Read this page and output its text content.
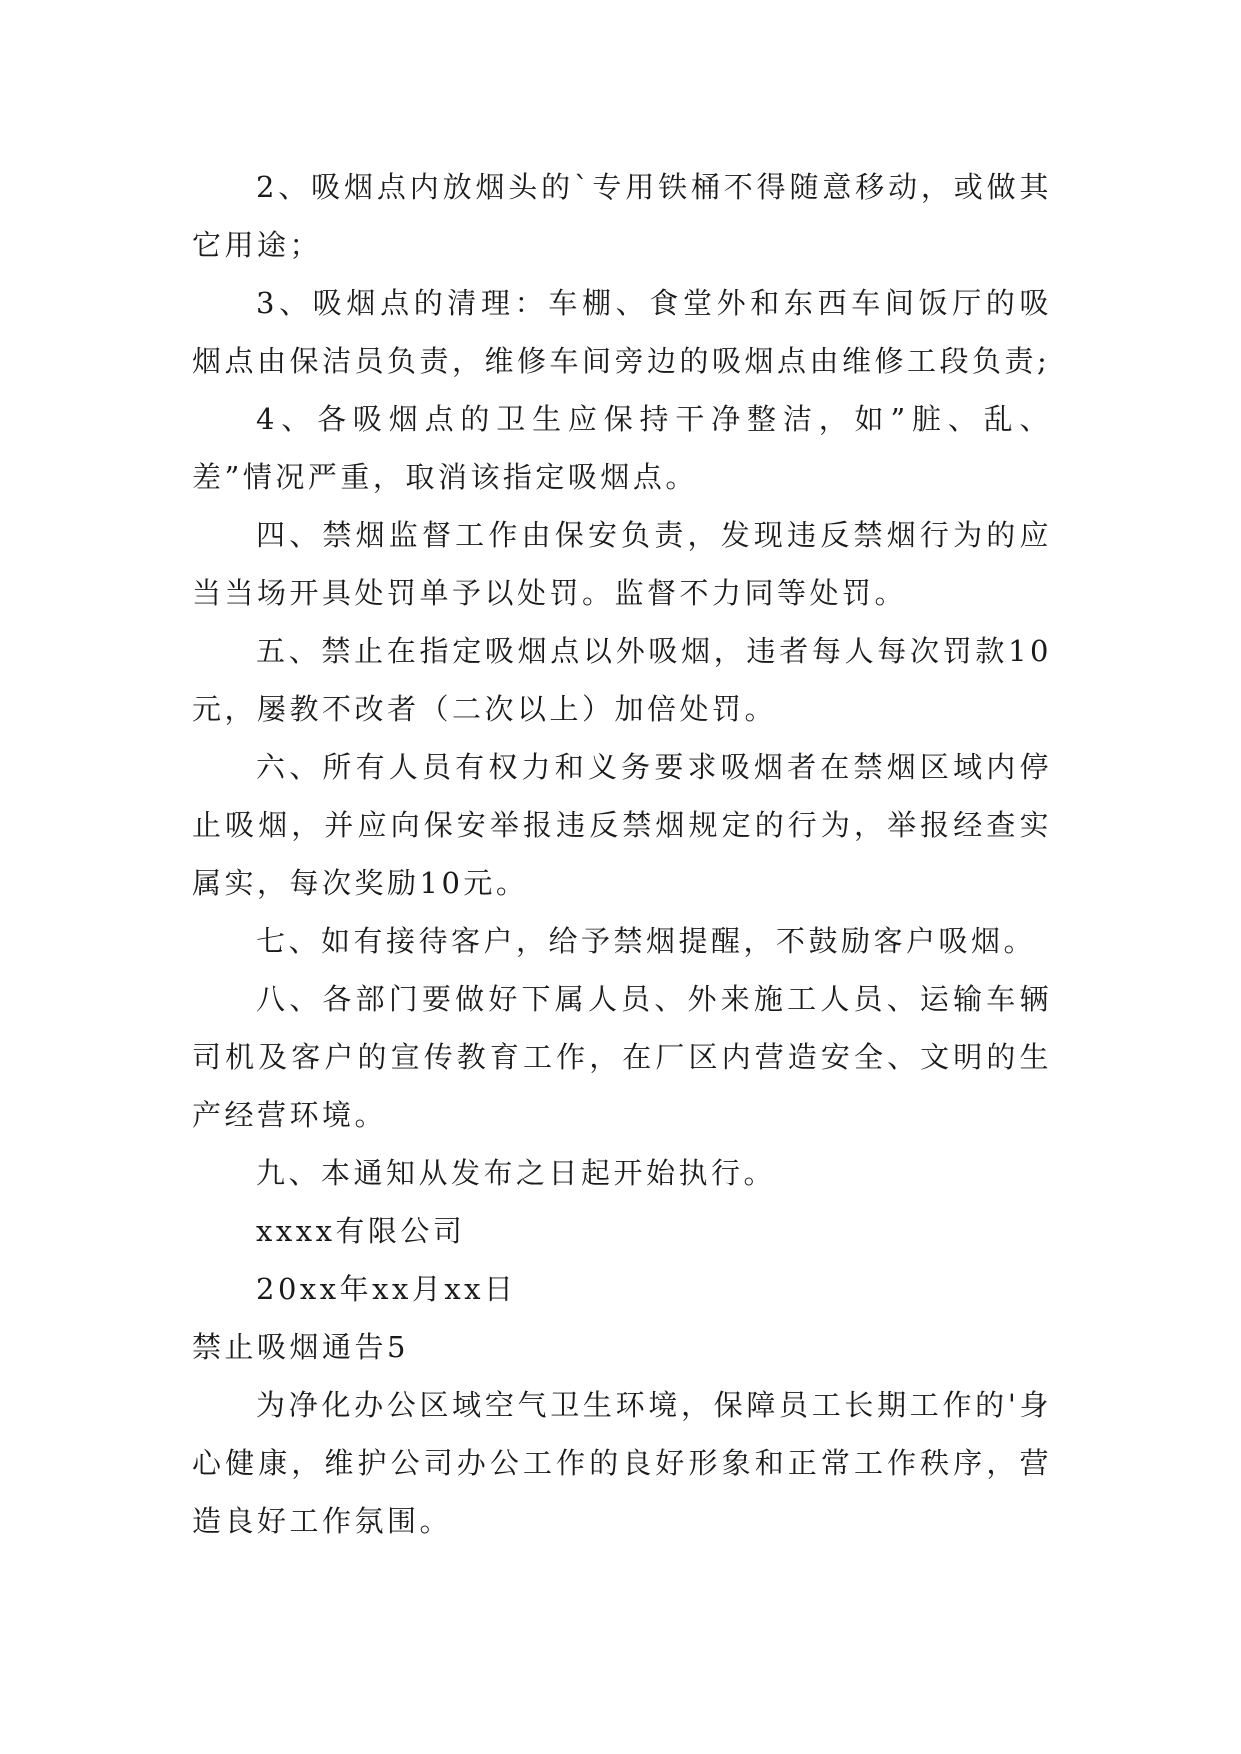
2、吸烟点内放烟头的`专用铁桶不得随意移动，或做其它用途；

3、吸烟点的清理：车棚、食堂外和东西车间饭厅的吸烟点由保洁员负责，维修车间旁边的吸烟点由维修工段负责;

4、各吸烟点的卫生应保持干净整洁，如”脏、乱、差”情况严重，取消该指定吸烟点。

四、禁烟监督工作由保安负责，发现违反禁烟行为的应当当场开具处罚单予以处罚。监督不力同等处罚。

五、禁止在指定吸烟点以外吸烟，违者每人每次罚款10元，屡教不改者（二次以上）加倍处罚。

六、所有人员有权力和义务要求吸烟者在禁烟区域内停止吸烟，并应向保安举报违反禁烟规定的行为，举报经查实属实，每次奖励10元。

七、如有接待客户，给予禁烟提醒，不鼓励客户吸烟。

八、各部门要做好下属人员、外来施工人员、运输车辆司机及客户的宣传教育工作，在厂区内营造安全、文明的生产经营环境。

九、本通知从发布之日起开始执行。

xxxx有限公司

20xx年xx月xx日

禁止吸烟通告5

为净化办公区域空气卫生环境，保障员工长期工作的'身心健康，维护公司办公工作的良好形象和正常工作秩序，营造良好工作氛围。
